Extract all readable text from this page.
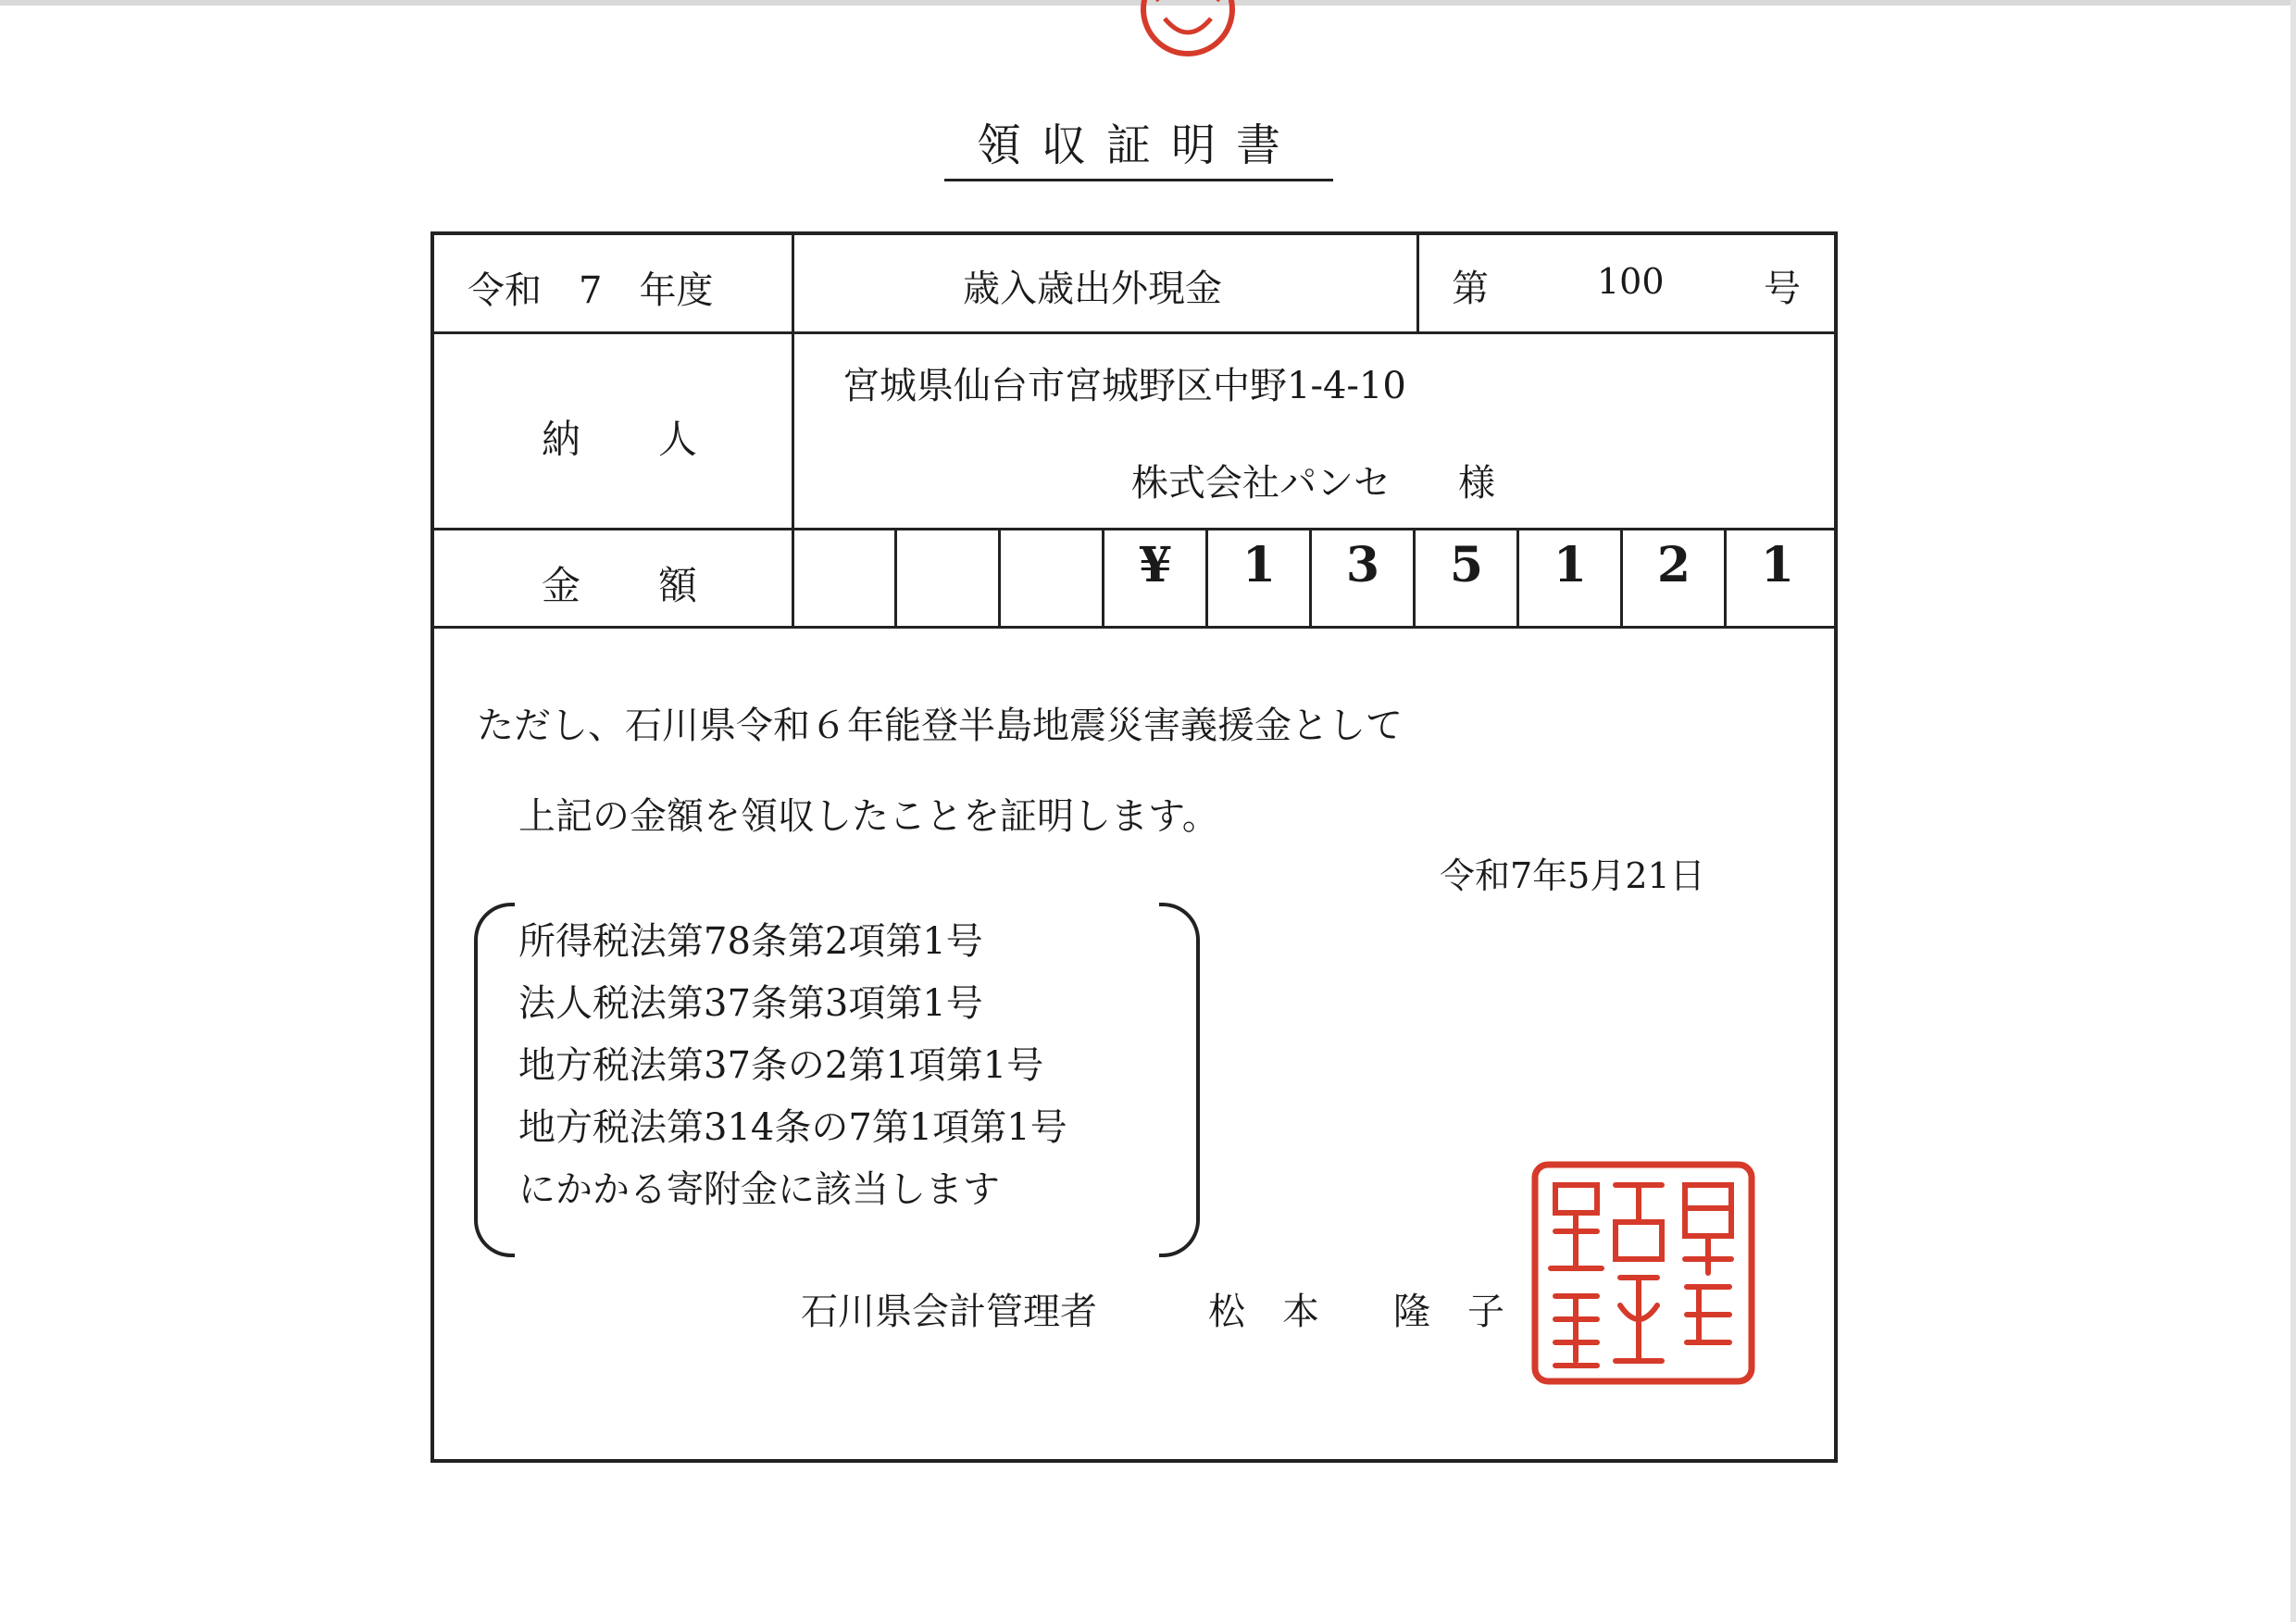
領収証明書
令和　7　年度	歳入歳出外現金	第	100	号
納　　人
宮城県仙台市宮城野区中野1-4-10
株式会社パンセ 様
金　　額	¥	1	3	5	1	2	1
ただし、石川県令和６年能登半島地震災害義援金として
上記の金額を領収したことを証明します。
令和7年5月21日
所得税法第78条第2項第1号
法人税法第37条第3項第1号
地方税法第37条の2第1項第1号
地方税法第314条の7第1項第1号
にかかる寄附金に該当します
石川県会計管理者	松　本　　隆　子
